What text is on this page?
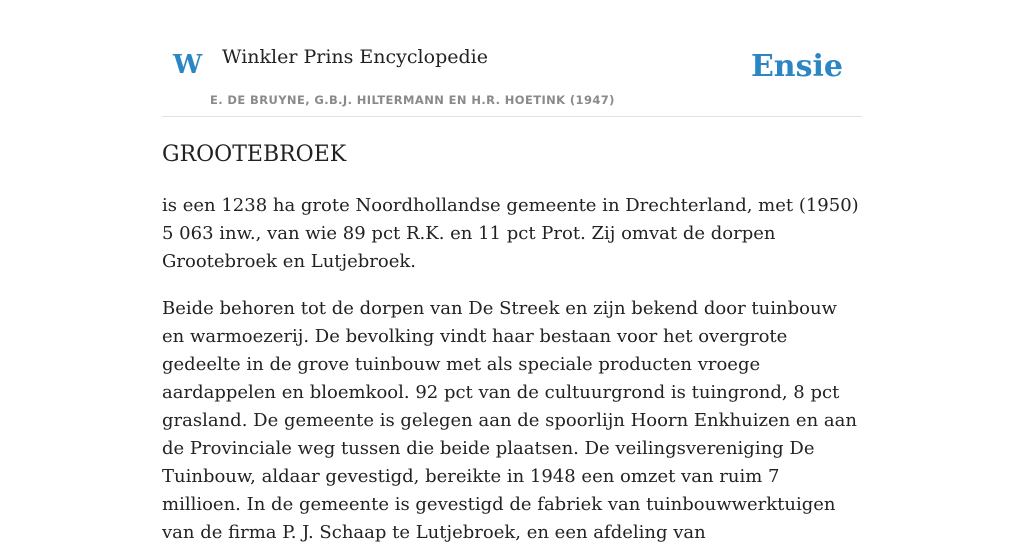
W Winkler Prins Encyclopedie
E. DE BRUYNE, G.B.J. HILTERMANN EN H.R. HOETINK (1947)
Ensie
GROOTEBROEK

is een 1238 ha grote Noordhollandse gemeente in Drechterland, met (1950) 5 063 inw., van wie 89 pct R.K. en 11 pct Prot. Zij omvat de dorpen Grootebroek en Lutjebroek.

Beide behoren tot de dorpen van De Streek en zijn bekend door tuinbouw en warmoezerij. De bevolking vindt haar bestaan voor het overgrote gedeelte in de grove tuinbouw met als speciale producten vroege aardappelen en bloemkool. 92 pct van de cultuurgrond is tuingrond, 8 pct grasland. De gemeente is gelegen aan de spoorlijn Hoorn Enkhuizen en aan de Provinciale weg tussen die beide plaatsen. De veilingsvereniging De Tuinbouw, aldaar gevestigd, bereikte in 1948 een omzet van ruim 7 millioen. In de gemeente is gevestigd de fabriek van tuinbouwwerktuigen van de firma P. J. Schaap te Lutjebroek, en een afdeling van
